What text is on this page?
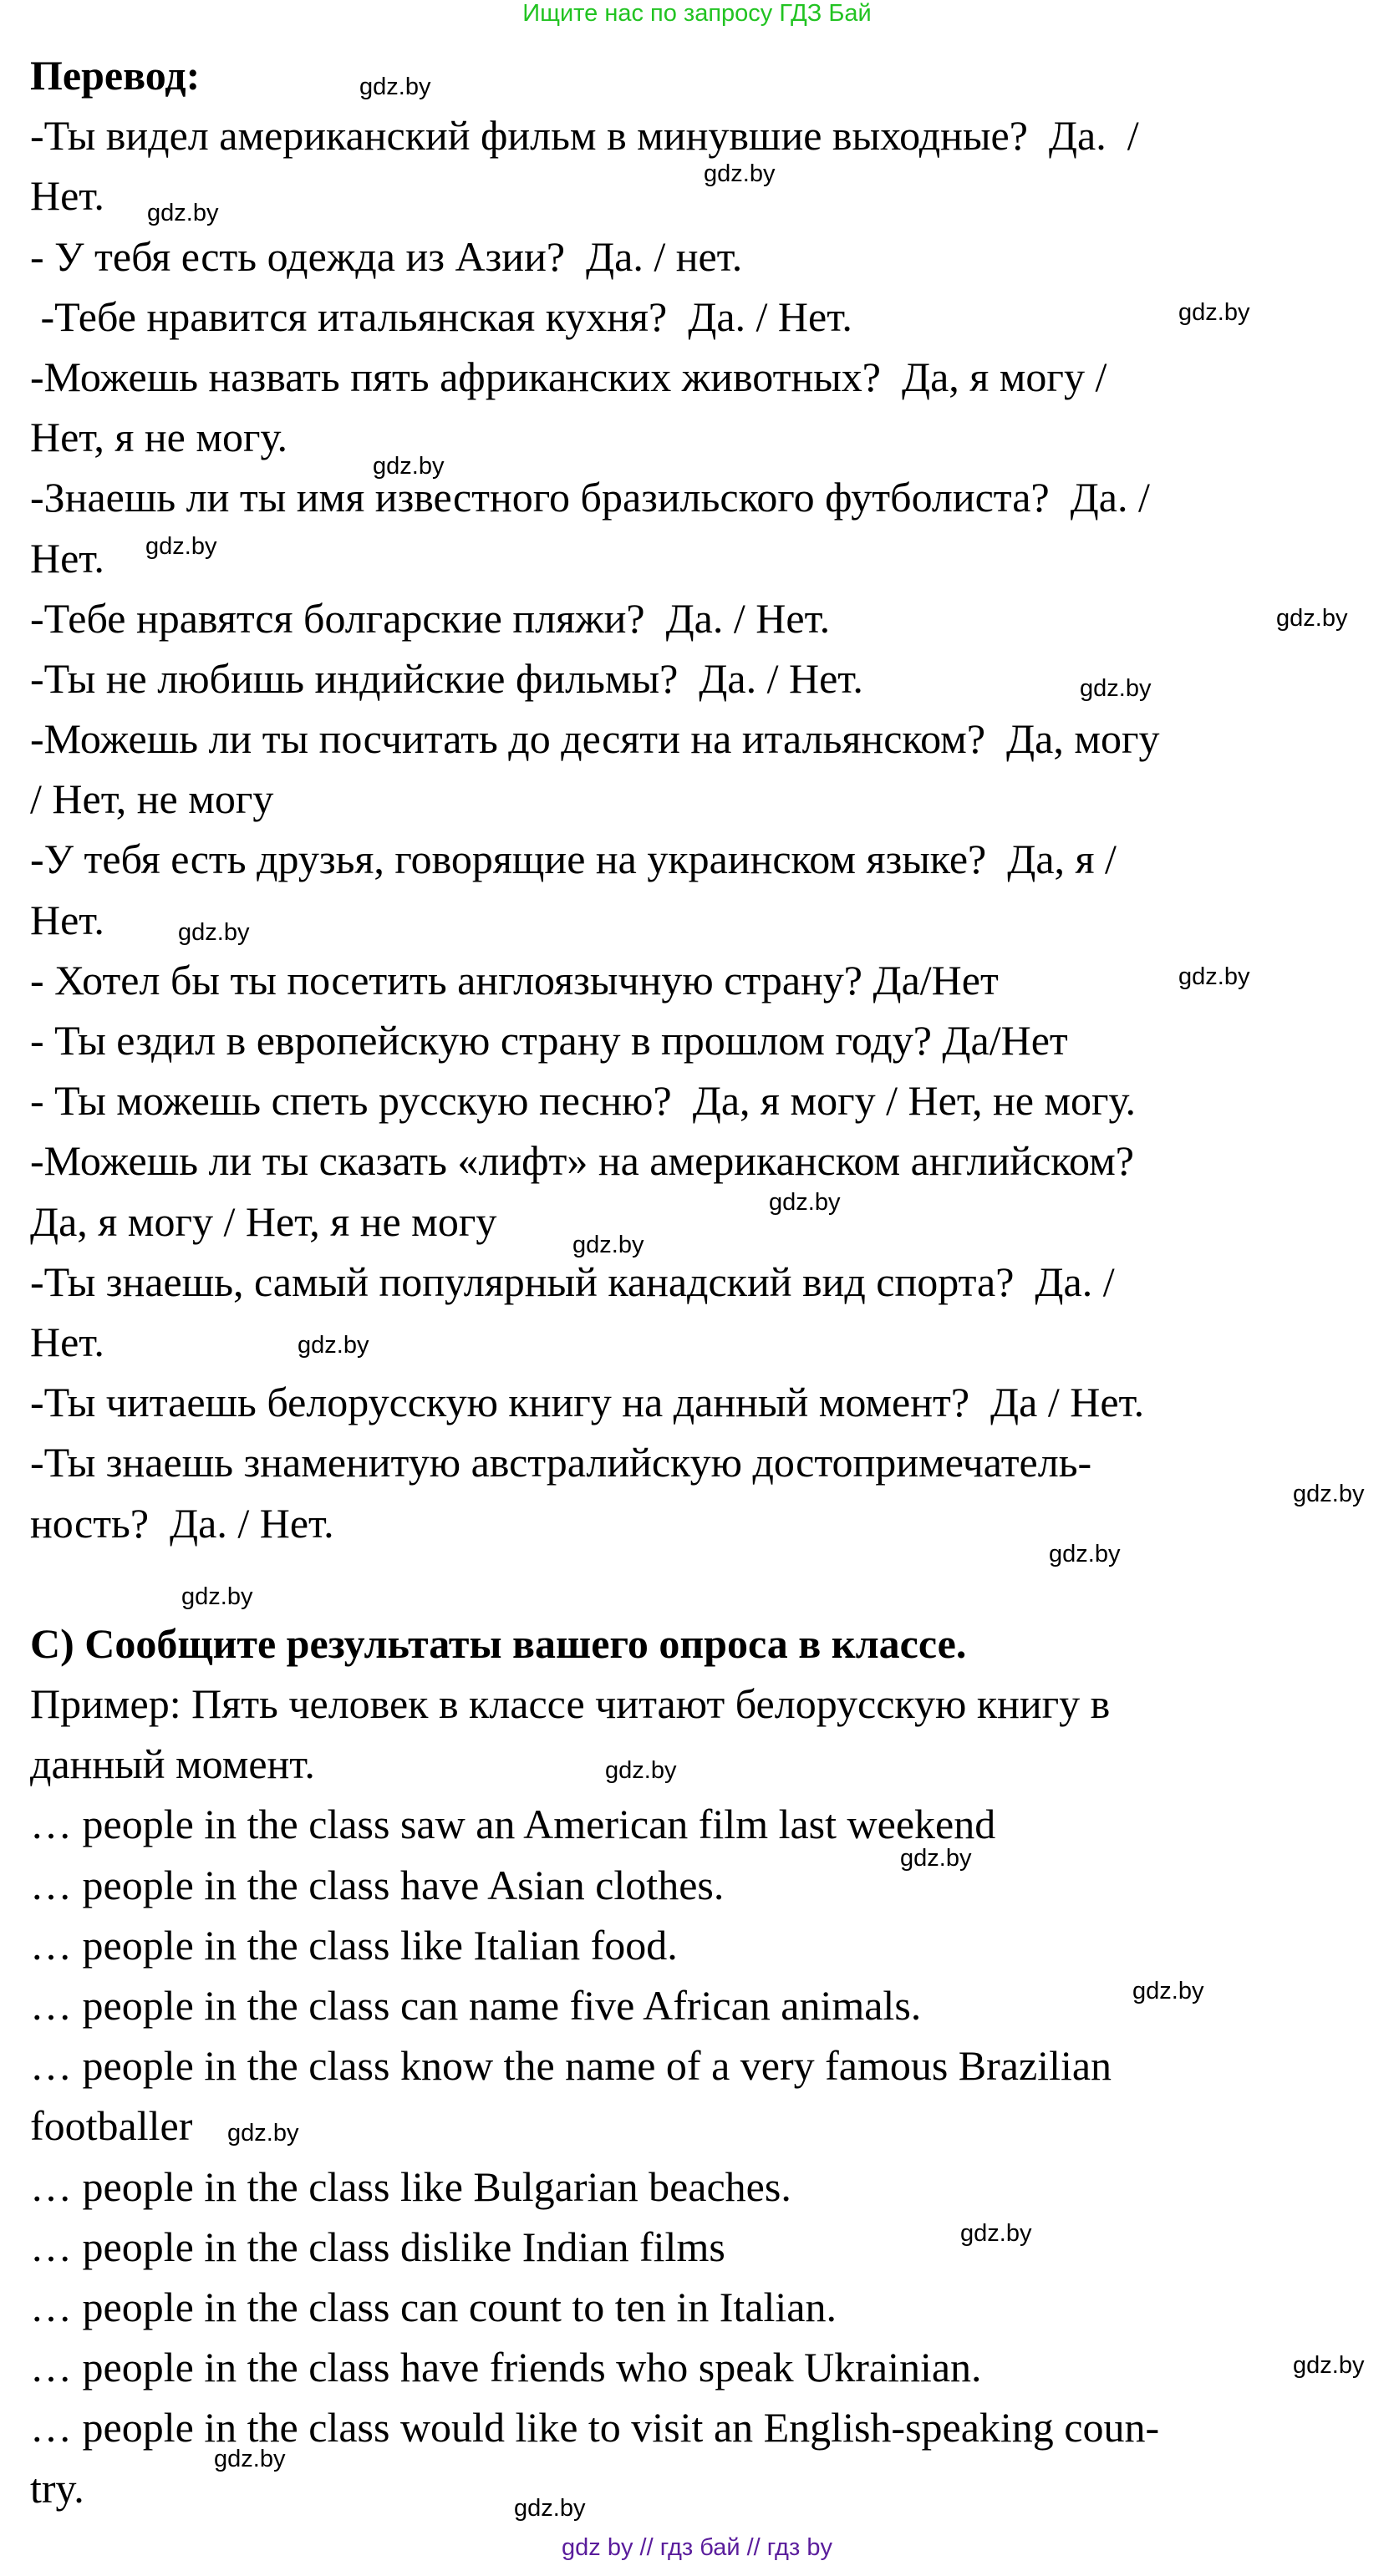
Ищите нас по запросу ГДЗ Бай
Перевод:
-Ты видел американский фильм в минувшие выходные?  Да.  /
Нет.
- У тебя есть одежда из Азии?  Да. / нет.
-Тебе нравится итальянская кухня?  Да. / Нет.
-Можешь назвать пять африканских животных?  Да, я могу /
Нет, я не могу.
-Знаешь ли ты имя известного бразильского футболиста?  Да. /
Нет.
-Тебе нравятся болгарские пляжи?  Да. / Нет.
-Ты не любишь индийские фильмы?  Да. / Нет.
-Можешь ли ты посчитать до десяти на итальянском?  Да, могу
/ Нет, не могу
-У тебя есть друзья, говорящие на украинском языке?  Да, я /
Нет.
- Хотел бы ты посетить англоязычную страну? Да/Нет
- Ты ездил в европейскую страну в прошлом году? Да/Нет
- Ты можешь спеть русскую песню?  Да, я могу / Нет, не могу.
-Можешь ли ты сказать «лифт» на американском английском?
Да, я могу / Нет, я не могу
-Ты знаешь, самый популярный канадский вид спорта?  Да. /
Нет.
-Ты читаешь белорусскую книгу на данный момент?  Да / Нет.
-Ты знаешь знаменитую австралийскую достопримечатель-
ность?  Да. / Нет.
C) Сообщите результаты вашего опроса в классе.
Пример: Пять человек в классе читают белорусскую книгу в
данный момент.
… people in the class saw an American film last weekend
… people in the class have Asian clothes.
… people in the class like Italian food.
… people in the class can name five African animals.
… people in the class know the name of a very famous Brazilian
footballer
… people in the class like Bulgarian beaches.
… people in the class dislike Indian films
… people in the class can count to ten in Italian.
… people in the class have friends who speak Ukrainian.
… people in the class would like to visit an English-speaking coun-
try.
gdz.by
gdz.by
gdz.by
gdz.by
gdz.by
gdz.by
gdz.by
gdz.by
gdz.by
gdz.by
gdz.by
gdz.by
gdz.by
gdz.by
gdz.by
gdz.by
gdz.by
gdz.by
gdz.by
gdz.by
gdz.by
gdz.by
gdz.by
gdz.by
gdz by // гдз бай // гдз by
